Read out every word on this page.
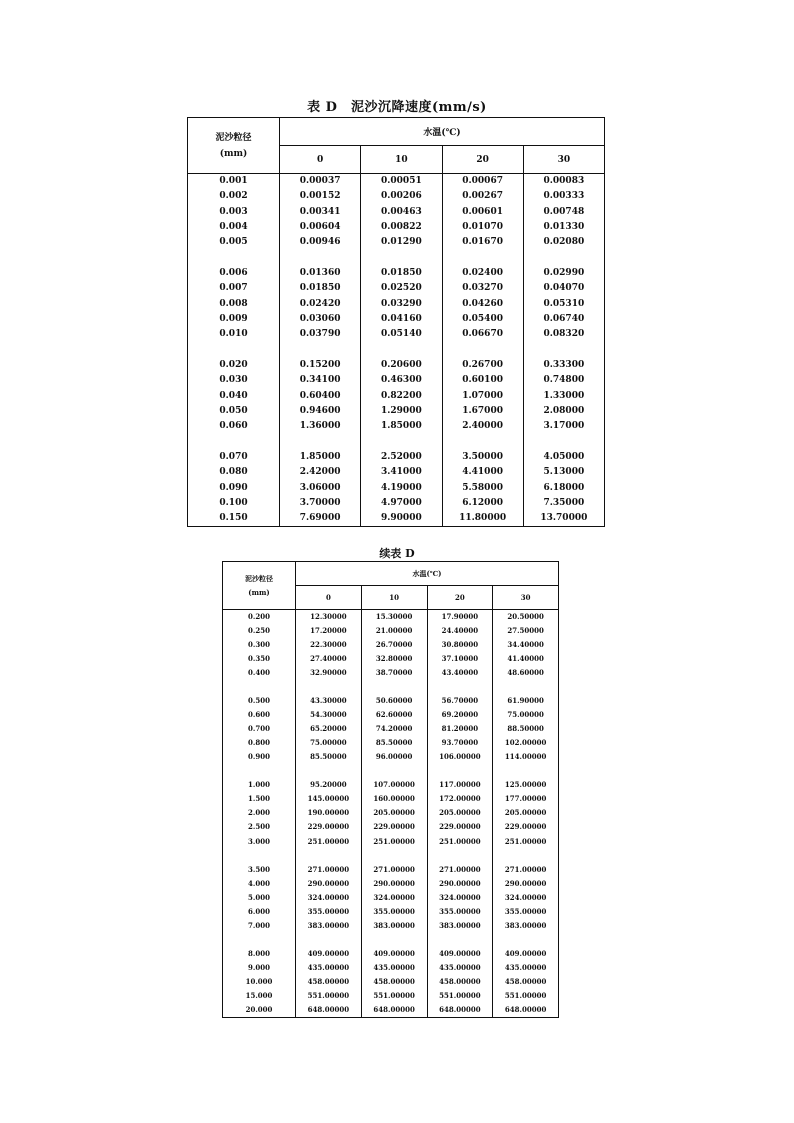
表 D　泥沙沉降速度(mm/s)
泥沙粒径
(mm)	水温(℃)			
	0	10	20	30
0.001	0.00037	0.00051	0.00067	0.00083
0.002	0.00152	0.00206	0.00267	0.00333
0.003	0.00341	0.00463	0.00601	0.00748
0.004	0.00604	0.00822	0.01070	0.01330
0.005	0.00946	0.01290	0.01670	0.02080

0.006	0.01360	0.01850	0.02400	0.02990
0.007	0.01850	0.02520	0.03270	0.04070
0.008	0.02420	0.03290	0.04260	0.05310
0.009	0.03060	0.04160	0.05400	0.06740
0.010	0.03790	0.05140	0.06670	0.08320

0.020	0.15200	0.20600	0.26700	0.33300
0.030	0.34100	0.46300	0.60100	0.74800
0.040	0.60400	0.82200	1.07000	1.33000
0.050	0.94600	1.29000	1.67000	2.08000
0.060	1.36000	1.85000	2.40000	3.17000

0.070	1.85000	2.52000	3.50000	4.05000
0.080	2.42000	3.41000	4.41000	5.13000
0.090	3.06000	4.19000	5.58000	6.18000
0.100	3.70000	4.97000	6.12000	7.35000
0.150	7.69000	9.90000	11.80000	13.70000
续表 D
泥沙粒径
(mm)	水温(℃)			
	0	10	20	30
0.200	12.30000	15.30000	17.90000	20.50000
0.250	17.20000	21.00000	24.40000	27.50000
0.300	22.30000	26.70000	30.80000	34.40000
0.350	27.40000	32.80000	37.10000	41.40000
0.400	32.90000	38.70000	43.40000	48.60000

0.500	43.30000	50.60000	56.70000	61.90000
0.600	54.30000	62.60000	69.20000	75.00000
0.700	65.20000	74.20000	81.20000	88.50000
0.800	75.00000	85.50000	93.70000	102.00000
0.900	85.50000	96.00000	106.00000	114.00000

1.000	95.20000	107.00000	117.00000	125.00000
1.500	145.00000	160.00000	172.00000	177.00000
2.000	190.00000	205.00000	205.00000	205.00000
2.500	229.00000	229.00000	229.00000	229.00000
3.000	251.00000	251.00000	251.00000	251.00000

3.500	271.00000	271.00000	271.00000	271.00000
4.000	290.00000	290.00000	290.00000	290.00000
5.000	324.00000	324.00000	324.00000	324.00000
6.000	355.00000	355.00000	355.00000	355.00000
7.000	383.00000	383.00000	383.00000	383.00000

8.000	409.00000	409.00000	409.00000	409.00000
9.000	435.00000	435.00000	435.00000	435.00000
10.000	458.00000	458.00000	458.00000	458.00000
15.000	551.00000	551.00000	551.00000	551.00000
20.000	648.00000	648.00000	648.00000	648.00000
